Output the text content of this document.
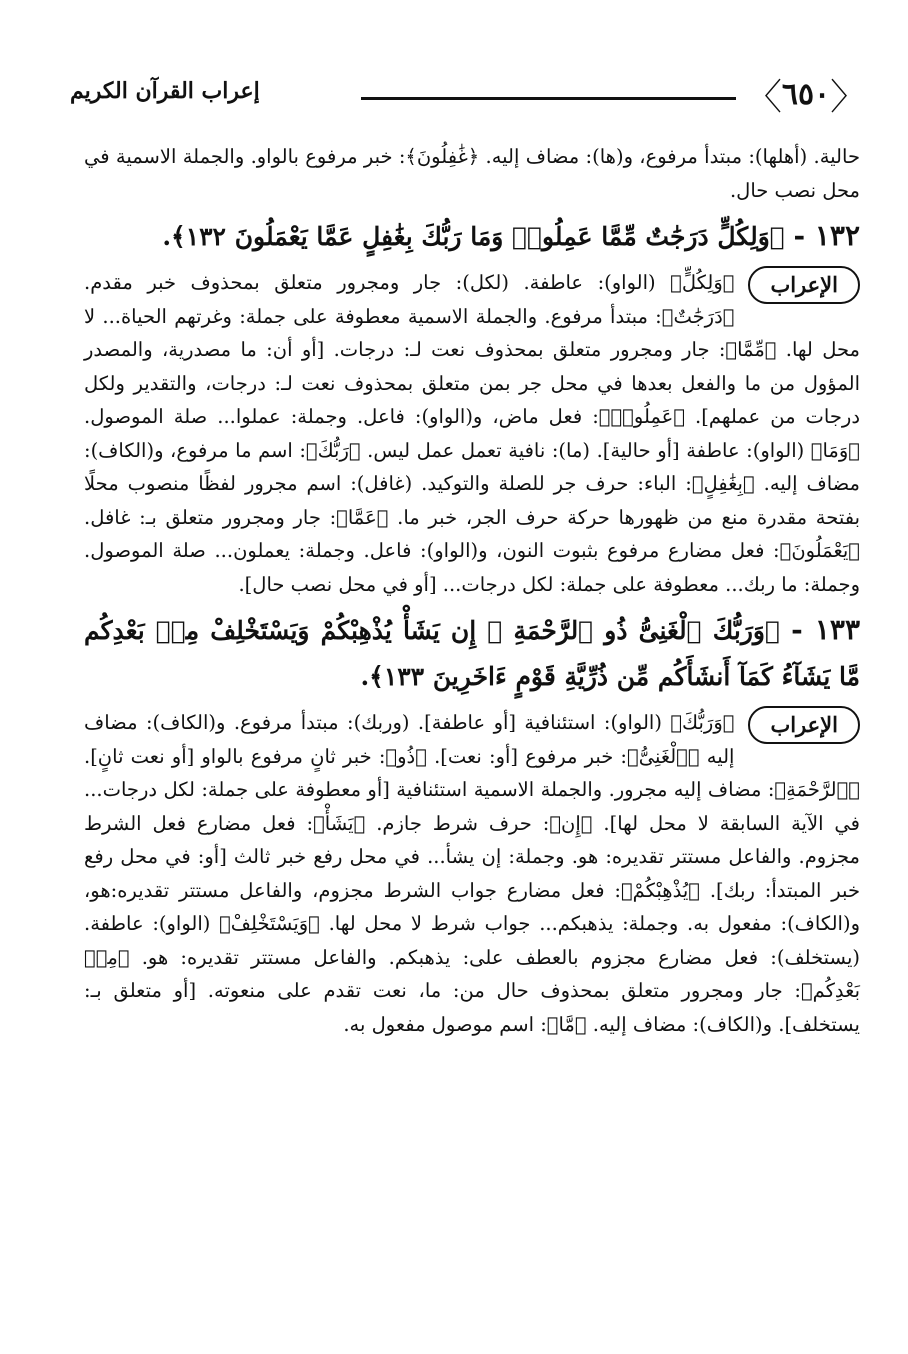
〈
٦٥٠
〉
إعراب القرآن الكريم

حالية. (أهلها): مبتدأ مرفوع، و(ها): مضاف إليه. ﴿غَٰفِلُونَ﴾: خبر مرفوع بالواو. والجملة الاسمية في محل نصب حال.

١٣٢ - ﴿وَلِكُلٍّ دَرَجَٰتٌ مِّمَّا عَمِلُوا۟ وَمَا رَبُّكَ بِغَٰفِلٍ عَمَّا يَعْمَلُونَ ١٣٢﴾.
الإعراب

﴿وَلِكُلٍّ﴾ (الواو): عاطفة. (لكل): جار ومجرور متعلق بمحذوف خبر مقدم. ﴿دَرَجَٰتٌ﴾: مبتدأ مرفوع. والجملة الاسمية معطوفة على جملة: وغرتهم الحياة... لا محل لها. ﴿مِّمَّا﴾: جار ومجرور متعلق بمحذوف نعت لـ: درجات. [أو أن: ما مصدرية، والمصدر المؤول من ما والفعل بعدها في محل جر بمن متعلق بمحذوف نعت لـ: درجات، والتقدير ولكل درجات من عملهم]. ﴿عَمِلُوا۟﴾: فعل ماض، و(الواو): فاعل. وجملة: عملوا... صلة الموصول. ﴿وَمَا﴾ (الواو): عاطفة [أو حالية]. (ما): نافية تعمل عمل ليس. ﴿رَبُّكَ﴾: اسم ما مرفوع، و(الكاف): مضاف إليه. ﴿بِغَٰفِلٍ﴾: الباء: حرف جر للصلة والتوكيد. (غافل): اسم مجرور لفظًا منصوب محلًا بفتحة مقدرة منع من ظهورها حركة حرف الجر، خبر ما. ﴿عَمَّا﴾: جار ومجرور متعلق بـ: غافل. ﴿يَعْمَلُونَ﴾: فعل مضارع مرفوع بثبوت النون، و(الواو): فاعل. وجملة: يعملون... صلة الموصول. وجملة: ما ربك... معطوفة على جملة: لكل درجات... [أو في محل نصب حال].

١٣٣ - ﴿وَرَبُّكَ ٱلْغَنِىُّ ذُو ٱلرَّحْمَةِ ۚ إِن يَشَأْ يُذْهِبْكُمْ وَيَسْتَخْلِفْ مِنۢ بَعْدِكُم مَّا يَشَآءُ كَمَآ أَنشَأَكُم مِّن ذُرِّيَّةِ قَوْمٍ ءَاخَرِينَ ١٣٣﴾.
الإعراب

﴿وَرَبُّكَ﴾ (الواو): استئنافية [أو عاطفة]. (وربك): مبتدأ مرفوع. و(الكاف): مضاف إليه ﴿ٱلْغَنِىُّ﴾: خبر مرفوع [أو: نعت]. ﴿ذُو﴾: خبر ثانٍ مرفوع بالواو [أو نعت ثانٍ]. ﴿ٱلرَّحْمَةِ﴾: مضاف إليه مجرور. والجملة الاسمية استئنافية [أو معطوفة على جملة: لكل درجات... في الآية السابقة لا محل لها]. ﴿إِن﴾: حرف شرط جازم. ﴿يَشَأْ﴾: فعل مضارع فعل الشرط مجزوم. والفاعل مستتر تقديره: هو. وجملة: إن يشأ... في محل رفع خبر ثالث [أو: في محل رفع خبر المبتدأ: ربك]. ﴿يُذْهِبْكُمْ﴾: فعل مضارع جواب الشرط مجزوم، والفاعل مستتر تقديره:هو، و(الكاف): مفعول به. وجملة: يذهبكم... جواب شرط لا محل لها. ﴿وَيَسْتَخْلِفْ﴾ (الواو): عاطفة. (يستخلف): فعل مضارع مجزوم بالعطف على: يذهبكم. والفاعل مستتر تقديره: هو. ﴿مِنۢ بَعْدِكُم﴾: جار ومجرور متعلق بمحذوف حال من: ما، نعت تقدم على منعوته. [أو متعلق بـ: يستخلف]. و(الكاف): مضاف إليه. ﴿مَّا﴾: اسم موصول مفعول به.
